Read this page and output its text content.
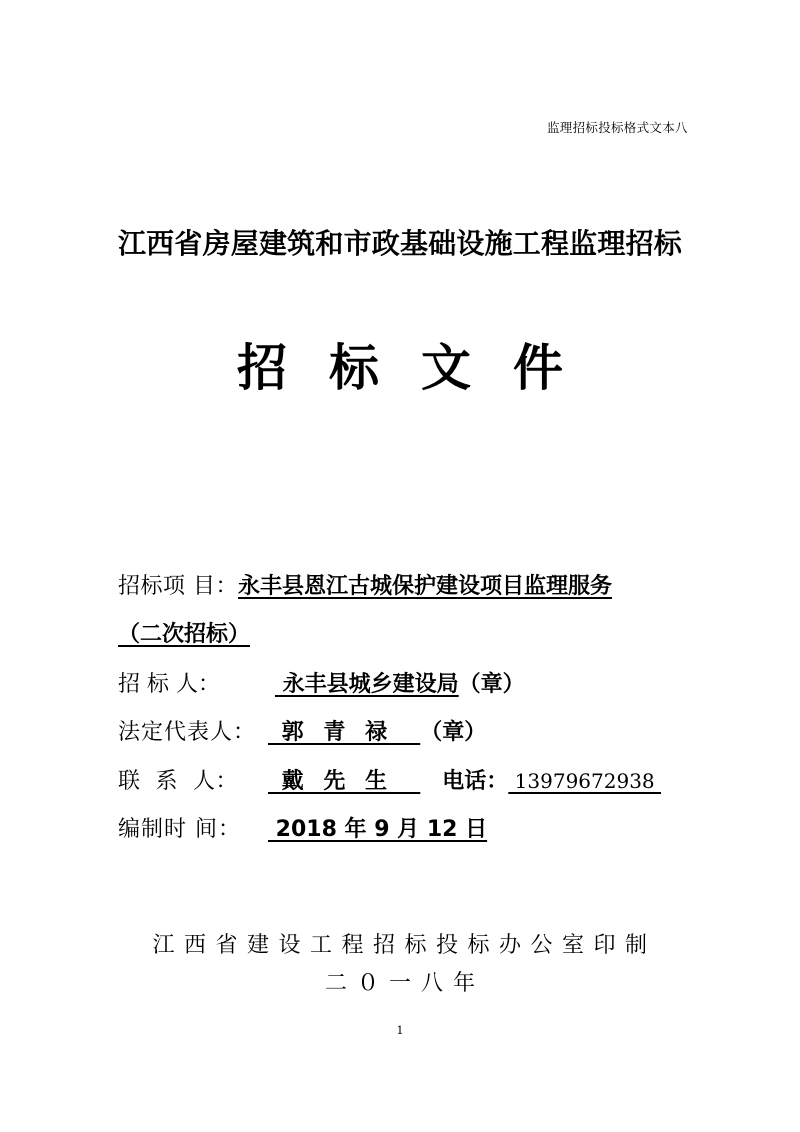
监理招标投标格式文本八
江西省房屋建筑和市政基础设施工程监理招标
招标文件
招标项 目：永丰县恩江古城保护建设项目监理服务
（二次招标）
招 标 人：	永丰县城乡建设局（章）
法定代表人： 郭 青 禄  （章）
联  系  人： 戴 先 生  电话： 13979672938
编制时 间： 2018 年 9 月 12 日
江西省建设工程招标投标办公室印制
二０一八年
1
